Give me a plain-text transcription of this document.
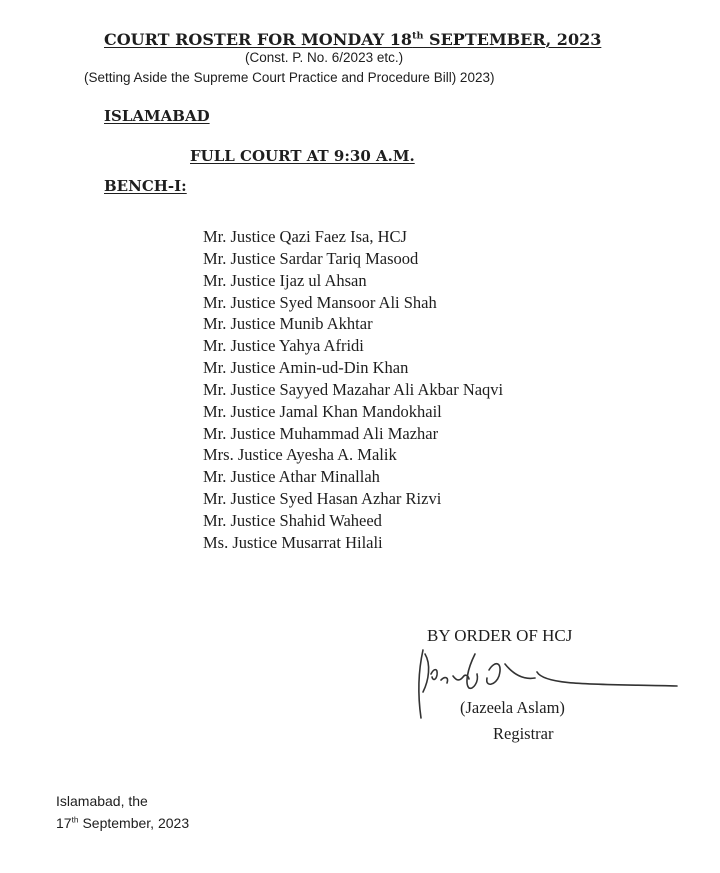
COURT ROSTER FOR MONDAY 18th SEPTEMBER, 2023
(Const. P. No. 6/2023 etc.)
(Setting Aside the Supreme Court Practice and Procedure Bill) 2023)
ISLAMABAD
FULL COURT AT 9:30 A.M.
BENCH-I:
Mr. Justice Qazi Faez Isa, HCJ
Mr. Justice Sardar Tariq Masood
Mr. Justice Ijaz ul Ahsan
Mr. Justice Syed Mansoor Ali Shah
Mr. Justice Munib Akhtar
Mr. Justice Yahya Afridi
Mr. Justice Amin-ud-Din Khan
Mr. Justice Sayyed Mazahar Ali Akbar Naqvi
Mr. Justice Jamal Khan Mandokhail
Mr. Justice Muhammad Ali Mazhar
Mrs. Justice Ayesha A. Malik
Mr. Justice Athar Minallah
Mr. Justice Syed Hasan Azhar Rizvi
Mr. Justice Shahid Waheed
Ms. Justice Musarrat Hilali
BY ORDER OF HCJ
(Jazeela Aslam)
Registrar
Islamabad, the
17th September, 2023
